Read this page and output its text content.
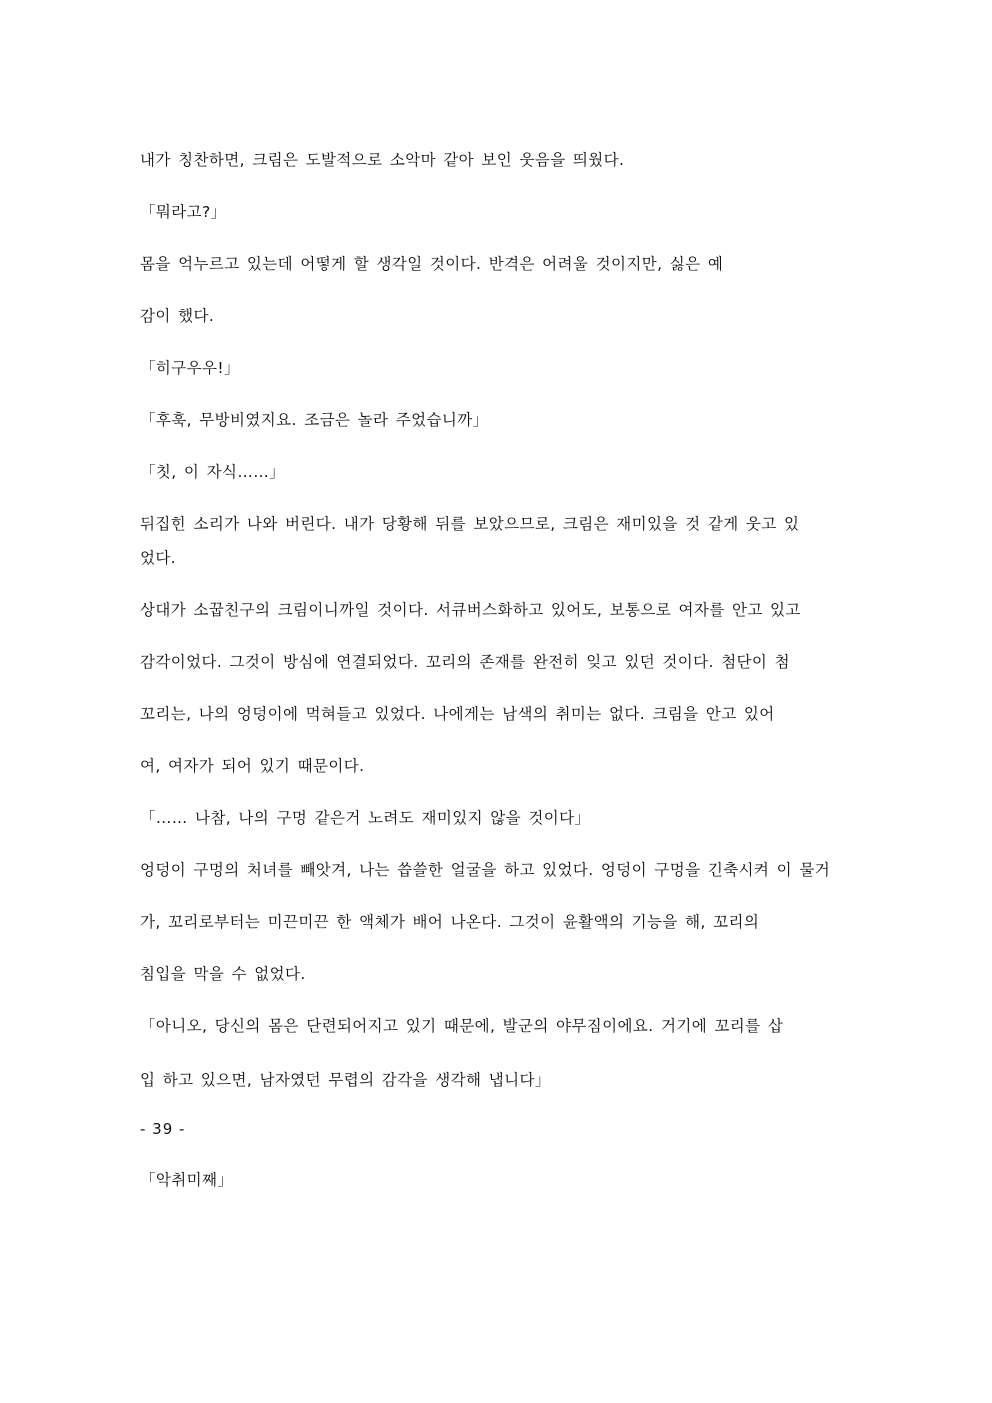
내가 칭찬하면, 크림은 도발적으로 소악마 같아 보인 웃음을 띄웠다.

「뭐라고?」

몸을 억누르고 있는데 어떻게 할 생각일 것이다. 반격은 어려울 것이지만, 싫은 예

감이 했다.

「히구우우!」

「후훅, 무방비였지요. 조금은 놀라 주었습니까」

「칫, 이 자식……」

뒤집힌 소리가 나와 버린다. 내가 당황해 뒤를 보았으므로, 크림은 재미있을 것 같게 웃고 있

었다.

상대가 소꿉친구의 크림이니까일 것이다. 서큐버스화하고 있어도, 보통으로 여자를 안고 있고

감각이었다. 그것이 방심에 연결되었다. 꼬리의 존재를 완전히 잊고 있던 것이다. 첨단이 첨

꼬리는, 나의 엉덩이에 먹혀들고 있었다. 나에게는 남색의 취미는 없다. 크림을 안고 있어

여, 여자가 되어 있기 때문이다.

「…… 나참, 나의 구멍 같은거 노려도 재미있지 않을 것이다」

엉덩이 구멍의 처녀를 빼앗겨, 나는 씁쓸한 얼굴을 하고 있었다. 엉덩이 구멍을 긴축시켜 이 물거

가, 꼬리로부터는 미끈미끈 한 액체가 배어 나온다. 그것이 윤활액의 기능을 해, 꼬리의

침입을 막을 수 없었다.

「아니오, 당신의 몸은 단련되어지고 있기 때문에, 발군의 야무짐이에요. 거기에 꼬리를 삽

입 하고 있으면, 남자였던 무렵의 감각을 생각해 냅니다」

- 39 -

「악취미째」
